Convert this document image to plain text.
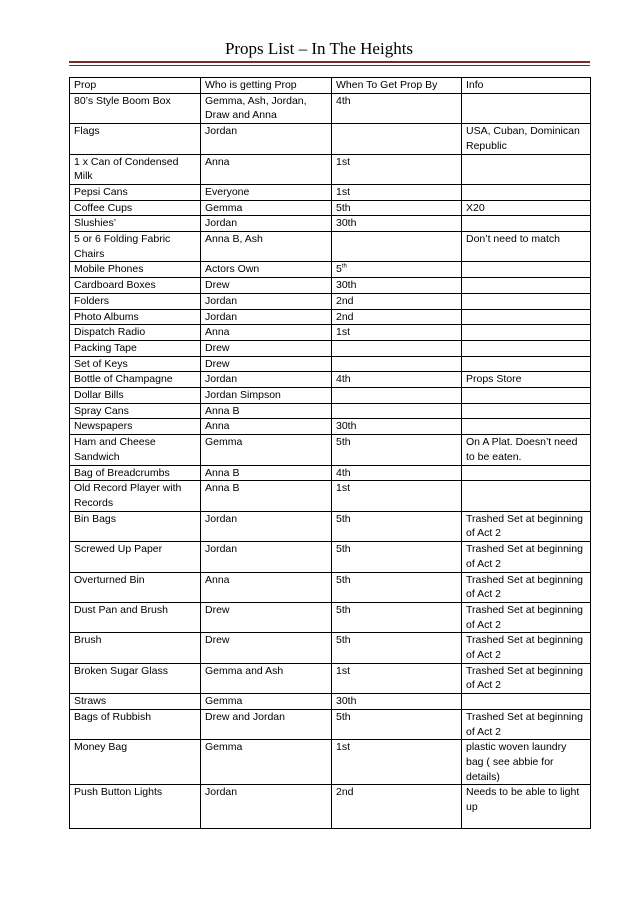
Props List – In The Heights
Prop	Who is getting Prop	When To Get Prop By	Info
80’s Style Boom Box	Gemma, Ash, Jordan, Draw and Anna	4th	
Flags	Jordan		USA, Cuban, Dominican Republic
1 x Can of Condensed Milk	Anna	1st	
Pepsi Cans	Everyone	1st	
Coffee Cups	Gemma	5th	X20
Slushies’	Jordan	30th	
5 or 6 Folding Fabric Chairs	Anna B, Ash		Don’t need to match
Mobile Phones	Actors Own	5th	
Cardboard Boxes	Drew	30th	
Folders	Jordan	2nd	
Photo Albums	Jordan	2nd	
Dispatch Radio	Anna	1st	
Packing Tape	Drew		
Set of Keys	Drew		
Bottle of Champagne	Jordan	4th	Props Store
Dollar Bills	Jordan Simpson		
Spray Cans	Anna B		
Newspapers	Anna	30th	
Ham and Cheese Sandwich	Gemma	5th	On A Plat. Doesn’t need to be eaten.
Bag of Breadcrumbs	Anna B	4th	
Old Record Player with Records	Anna B	1st	
Bin Bags	Jordan	5th	Trashed Set at beginning of Act 2
Screwed Up Paper	Jordan	5th	Trashed Set at beginning of Act 2
Overturned Bin	Anna	5th	Trashed Set at beginning of Act 2
Dust Pan and Brush	Drew	5th	Trashed Set at beginning of Act 2
Brush	Drew	5th	Trashed Set at beginning of Act 2
Broken Sugar Glass	Gemma and Ash	1st	Trashed Set at beginning of Act 2
Straws	Gemma	30th	
Bags of Rubbish	Drew and Jordan	5th	Trashed Set at beginning of Act 2
Money Bag	Gemma	1st	plastic woven laundry bag ( see abbie for details)
Push Button Lights	Jordan	2nd	Needs to be able to light up
